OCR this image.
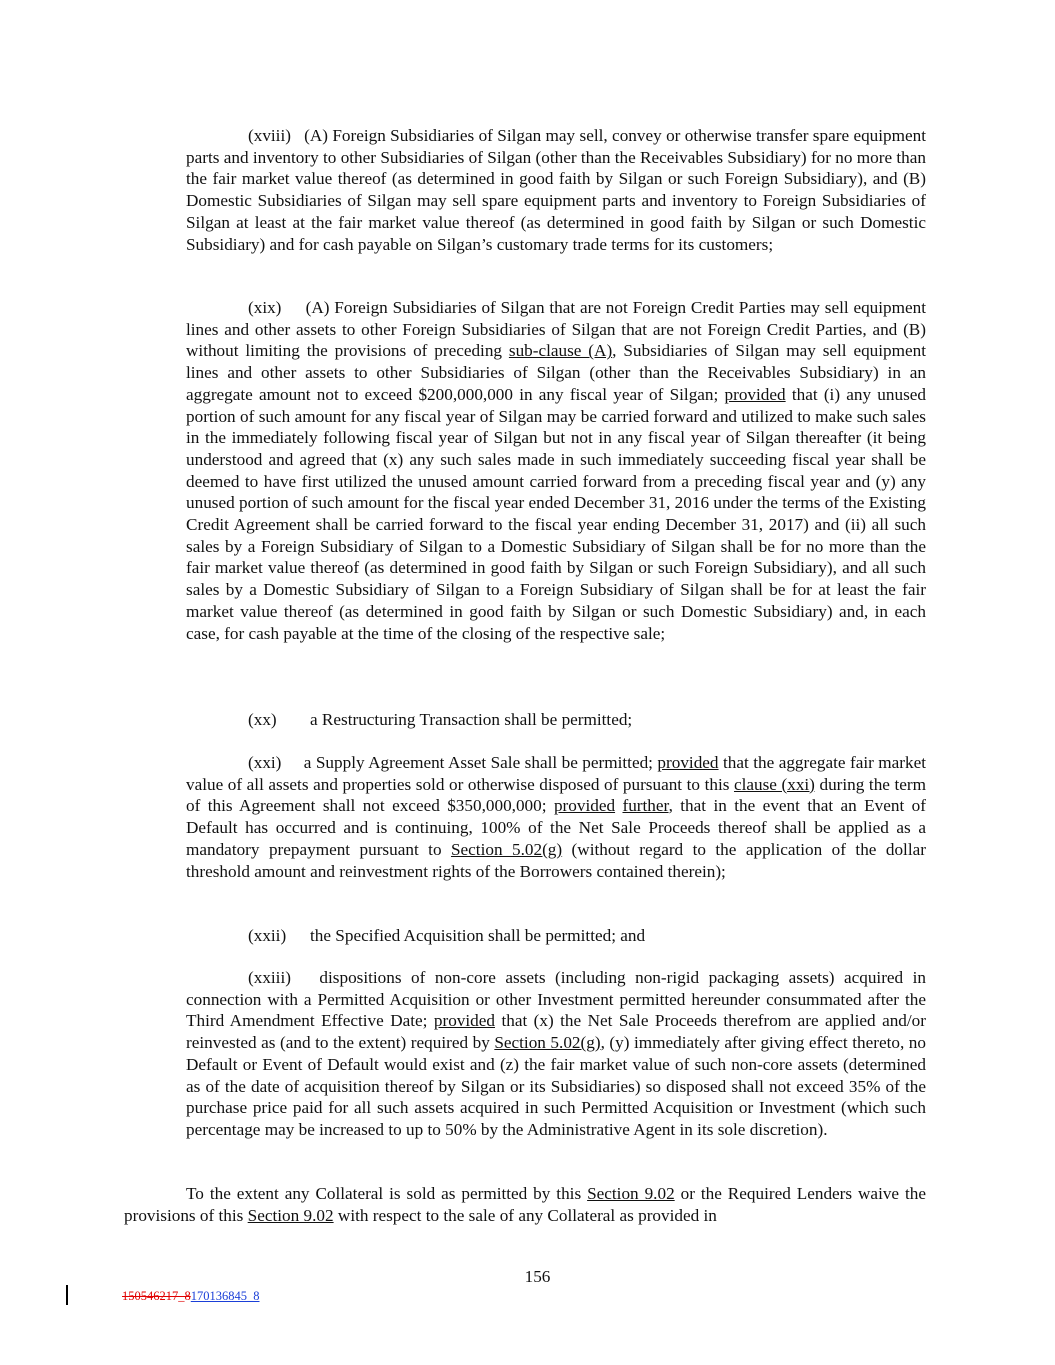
(xviii) (A) Foreign Subsidiaries of Silgan may sell, convey or otherwise transfer spare equipment parts and inventory to other Subsidiaries of Silgan (other than the Receivables Subsidiary) for no more than the fair market value thereof (as determined in good faith by Silgan or such Foreign Subsidiary), and (B) Domestic Subsidiaries of Silgan may sell spare equipment parts and inventory to Foreign Subsidiaries of Silgan at least at the fair market value thereof (as determined in good faith by Silgan or such Domestic Subsidiary) and for cash payable on Silgan’s customary trade terms for its customers;

(xix) (A) Foreign Subsidiaries of Silgan that are not Foreign Credit Parties may sell equipment lines and other assets to other Foreign Subsidiaries of Silgan that are not Foreign Credit Parties, and (B) without limiting the provisions of preceding sub-clause (A), Subsidiaries of Silgan may sell equipment lines and other assets to other Subsidiaries of Silgan (other than the Receivables Subsidiary) in an aggregate amount not to exceed $200,000,000 in any fiscal year of Silgan; provided that (i) any unused portion of such amount for any fiscal year of Silgan may be carried forward and utilized to make such sales in the immediately following fiscal year of Silgan but not in any fiscal year of Silgan thereafter (it being understood and agreed that (x) any such sales made in such immediately succeeding fiscal year shall be deemed to have first utilized the unused amount carried forward from a preceding fiscal year and (y) any unused portion of such amount for the fiscal year ended December 31, 2016 under the terms of the Existing Credit Agreement shall be carried forward to the fiscal year ending December 31, 2017) and (ii) all such sales by a Foreign Subsidiary of Silgan to a Domestic Subsidiary of Silgan shall be for no more than the fair market value thereof (as determined in good faith by Silgan or such Foreign Subsidiary), and all such sales by a Domestic Subsidiary of Silgan to a Foreign Subsidiary of Silgan shall be for at least the fair market value thereof (as determined in good faith by Silgan or such Domestic Subsidiary) and, in each case, for cash payable at the time of the closing of the respective sale;

(xx) a Restructuring Transaction shall be permitted;

(xxi) a Supply Agreement Asset Sale shall be permitted; provided that the aggregate fair market value of all assets and properties sold or otherwise disposed of pursuant to this clause (xxi) during the term of this Agreement shall not exceed $350,000,000; provided further, that in the event that an Event of Default has occurred and is continuing, 100% of the Net Sale Proceeds thereof shall be applied as a mandatory prepayment pursuant to Section 5.02(g) (without regard to the application of the dollar threshold amount and reinvestment rights of the Borrowers contained therein);

(xxii) the Specified Acquisition shall be permitted; and

(xxiii) dispositions of non-core assets (including non-rigid packaging assets) acquired in connection with a Permitted Acquisition or other Investment permitted hereunder consummated after the Third Amendment Effective Date; provided that (x) the Net Sale Proceeds therefrom are applied and/or reinvested as (and to the extent) required by Section 5.02(g), (y) immediately after giving effect thereto, no Default or Event of Default would exist and (z) the fair market value of such non-core assets (determined as of the date of acquisition thereof by Silgan or its Subsidiaries) so disposed shall not exceed 35% of the purchase price paid for all such assets acquired in such Permitted Acquisition or Investment (which such percentage may be increased to up to 50% by the Administrative Agent in its sole discretion).

To the extent any Collateral is sold as permitted by this Section 9.02 or the Required Lenders waive the provisions of this Section 9.02 with respect to the sale of any Collateral as provided in

156
150546217_8170136845_8
